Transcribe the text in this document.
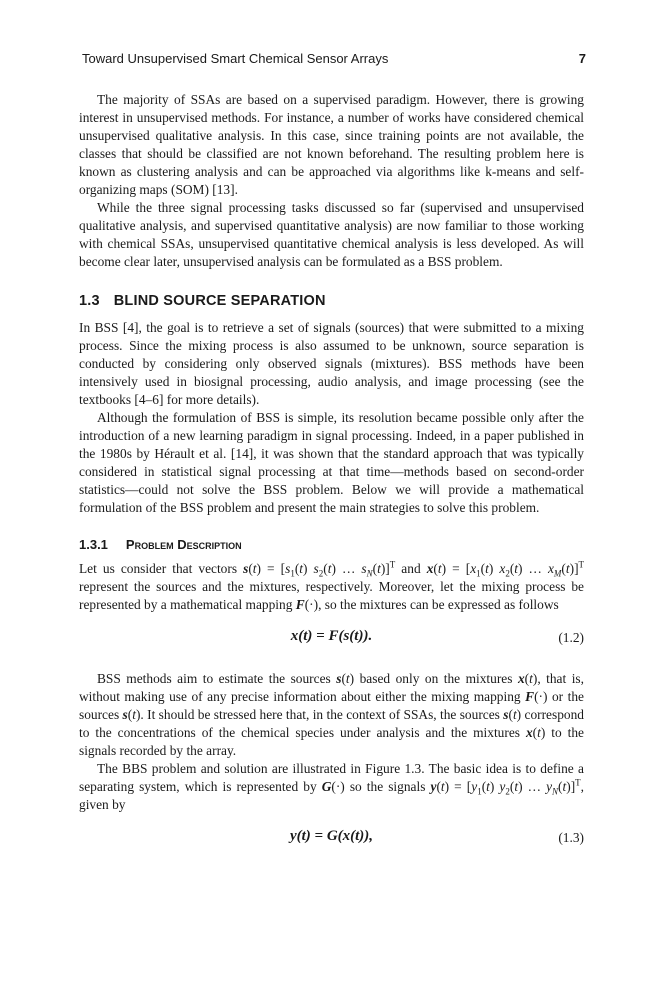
Toward Unsupervised Smart Chemical Sensor Arrays	7

The majority of SSAs are based on a supervised paradigm. However, there is growing interest in unsupervised methods. For instance, a number of works have considered chemical unsupervised qualitative analysis. In this case, since training points are not available, the classes that should be classified are not known beforehand. The resulting problem here is known as clustering analysis and can be approached via algorithms like k-means and self-organizing maps (SOM) [13].

While the three signal processing tasks discussed so far (supervised and unsupervised qualitative analysis, and supervised quantitative analysis) are now familiar to those working with chemical SSAs, unsupervised quantitative chemical analysis is less developed. As will become clear later, unsupervised analysis can be formulated as a BSS problem.

1.3 BLIND SOURCE SEPARATION

In BSS [4], the goal is to retrieve a set of signals (sources) that were submitted to a mixing process. Since the mixing process is also assumed to be unknown, source separation is conducted by considering only observed signals (mixtures). BSS methods have been intensively used in biosignal processing, audio analysis, and image processing (see the textbooks [4–6] for more details).

Although the formulation of BSS is simple, its resolution became possible only after the introduction of a new learning paradigm in signal processing. Indeed, in a paper published in the 1980s by Hérault et al. [14], it was shown that the standard approach that was typically considered in statistical signal processing at that time—methods based on second-order statistics—could not solve the BSS problem. Below we will provide a mathematical formulation of the BSS problem and present the main strategies to solve this problem.

1.3.1 Problem Description

Let us consider that vectors $s(t) = [s_1(t)$ $s_2(t)$ … $s_N(t)]^T$ and $x(t) = [x_1(t)$ $x_2(t)$ … $x_M(t)]^T$ represent the sources and the mixtures, respectively. Moreover, let the mixing process be represented by a mathematical mapping F(·), so the mixtures can be expressed as follows

x(t) = F(s(t)).	(1.2)

BSS methods aim to estimate the sources s(t) based only on the mixtures x(t), that is, without making use of any precise information about either the mixing mapping F(·) or the sources s(t). It should be stressed here that, in the context of SSAs, the sources s(t) correspond to the concentrations of the chemical species under analysis and the mixtures x(t) to the signals recorded by the array.

The BBS problem and solution are illustrated in Figure 1.3. The basic idea is to define a separating system, which is represented by G(·) so the signals $y(t) = [y_1(t)$ $y_2(t)$ … $y_N(t)]^T$, given by

y(t) = G(x(t)),	(1.3)
